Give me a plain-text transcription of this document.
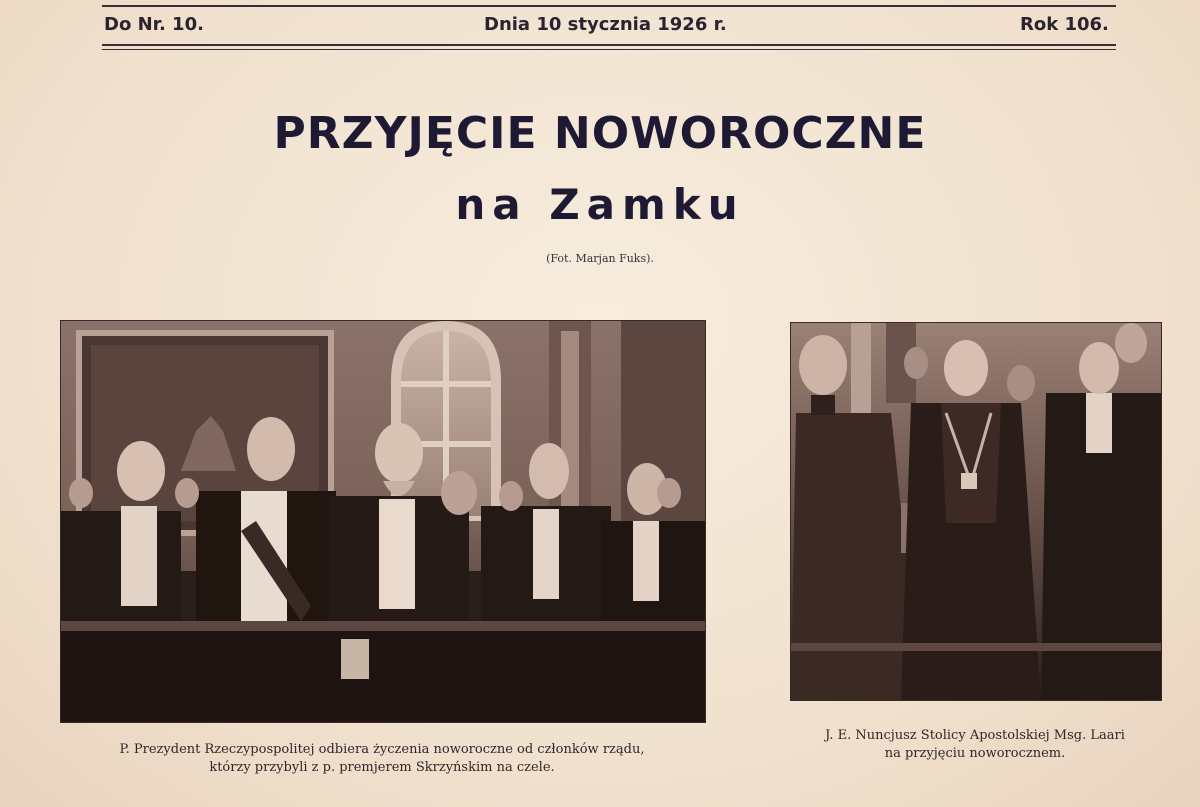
Do Nr. 10.	Dnia 10 stycznia 1926 r.	Rok 106.
PRZYJĘCIE NOWOROCZNE
na Zamku
(Fot. Marjan Fuks).
P. Prezydent Rzeczypospolitej odbiera życzenia noworoczne od członków rządu,
którzy przybyli z p. premjerem Skrzyńskim na czele.
J. E. Nuncjusz Stolicy Apostolskiej Msg. Laari
na przyjęciu noworocznem.
